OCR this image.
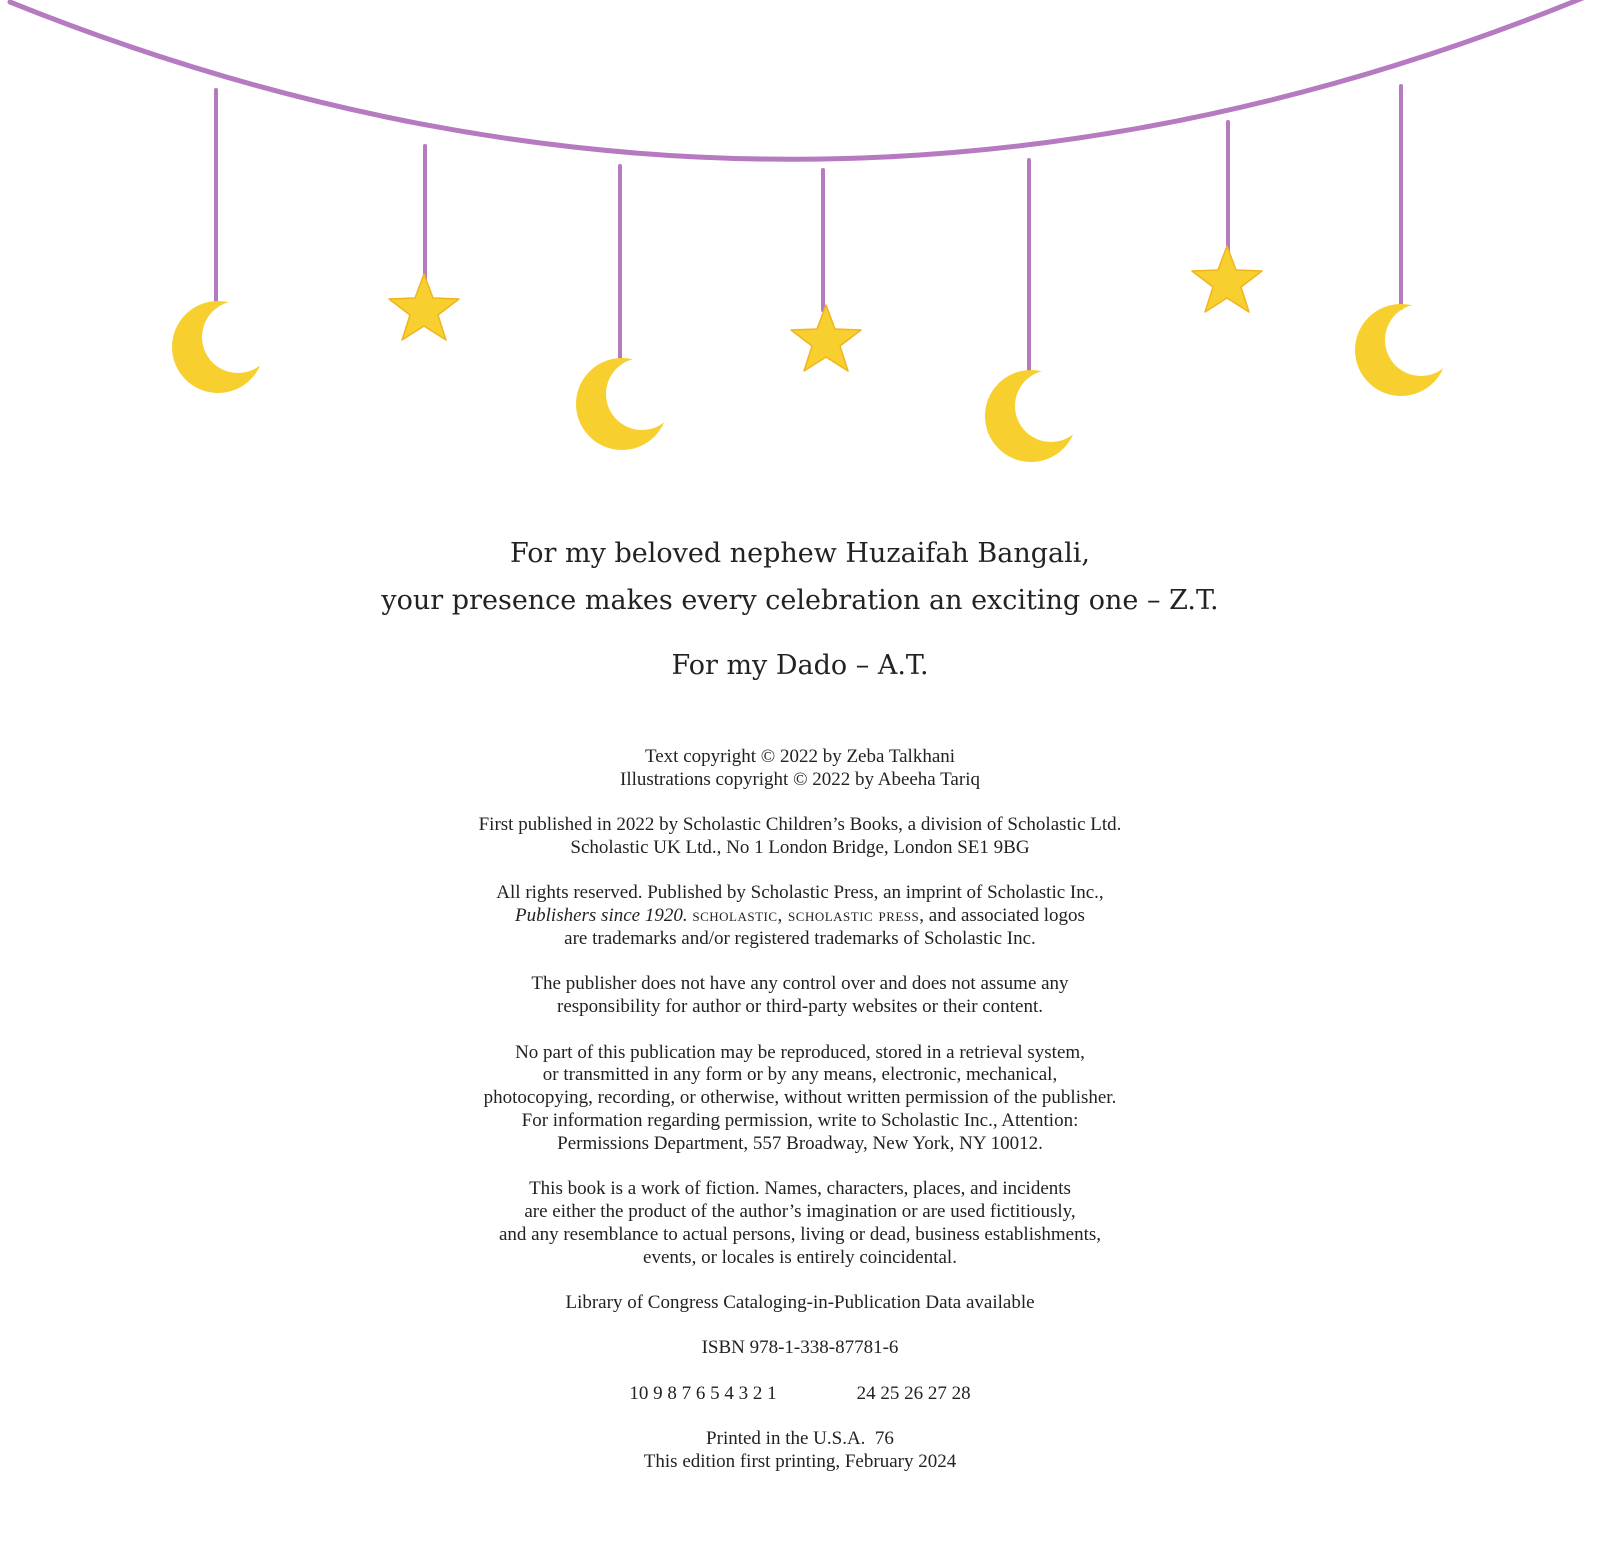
For my beloved nephew Huzaifah Bangali,

your presence makes every celebration an exciting one – Z.T.

For my Dado – A.T.

Text copyright © 2022 by Zeba Talkhani

Illustrations copyright © 2022 by Abeeha Tariq

First published in 2022 by Scholastic Children’s Books, a division of Scholastic Ltd.

Scholastic UK Ltd., No 1 London Bridge, London SE1 9BG

All rights reserved. Published by Scholastic Press, an imprint of Scholastic Inc.,

Publishers since 1920. scholastic, scholastic press, and associated logos

are trademarks and/or registered trademarks of Scholastic Inc.

The publisher does not have any control over and does not assume any

responsibility for author or third-party websites or their content.

No part of this publication may be reproduced, stored in a retrieval system,

or transmitted in any form or by any means, electronic, mechanical,

photocopying, recording, or otherwise, without written permission of the publisher.

For information regarding permission, write to Scholastic Inc., Attention:

Permissions Department, 557 Broadway, New York, NY 10012.

This book is a work of fiction. Names, characters, places, and incidents

are either the product of the author’s imagination or are used fictitiously,

and any resemblance to actual persons, living or dead, business establishments,

events, or locales is entirely coincidental.

Library of Congress Cataloging-in-Publication Data available

ISBN 978-1-338-87781-6

10 9 8 7 6 5 4 3 2 1	24 25 26 27 28

Printed in the U.S.A.  76

This edition first printing, February 2024
